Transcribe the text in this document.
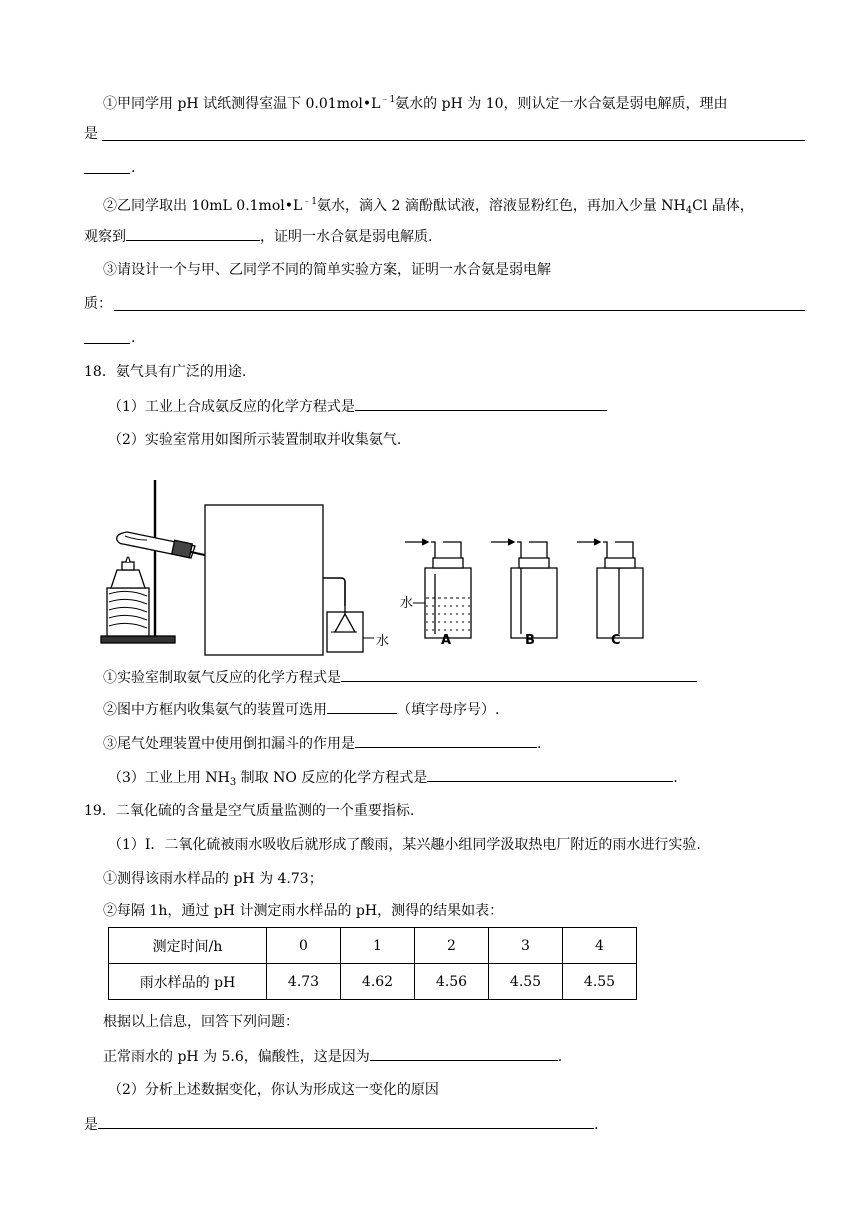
①甲同学用 pH 试纸测得室温下 $0.01mol•L^{﹣1}$氨水的 pH 为 10，则认定一水合氨是弱电解质，理由
是
.
②乙同学取出 10mL $0.1mol•L^{﹣1}$氨水，滴入 2 滴酚酞试液，溶液显粉红色，再加入少量 $NH_4Cl$ 晶体，
观察到	，证明一水合氨是弱电解质.
③请设计一个与甲、乙同学不同的简单实验方案，证明一水合氨是弱电解
质：
.
18．氨气具有广泛的用途.
（1）工业上合成氨反应的化学方程式是
（2）实验室常用如图所示装置制取并收集氨气.
水
水
A	B	C
①实验室制取氨气反应的化学方程式是
②图中方框内收集氨气的装置可选用	（填字母序号）.
③尾气处理装置中使用倒扣漏斗的作用是	.
（3）工业上用 $NH_3$ 制取 NO 反应的化学方程式是	.
19．二氧化硫的含量是空气质量监测的一个重要指标.
（1）I．二氧化硫被雨水吸收后就形成了酸雨，某兴趣小组同学汲取热电厂附近的雨水进行实验.
①测得该雨水样品的 pH 为 4.73；
②每隔 1h，通过 pH 计测定雨水样品的 pH，测得的结果如表：
测定时间/h	0	1	2	3	4
雨水样品的 pH	4.73	4.62	4.56	4.55	4.55
根据以上信息，回答下列问题：
正常雨水的 pH 为 5.6，偏酸性，这是因为	.
（2）分析上述数据变化，你认为形成这一变化的原因
是	.
